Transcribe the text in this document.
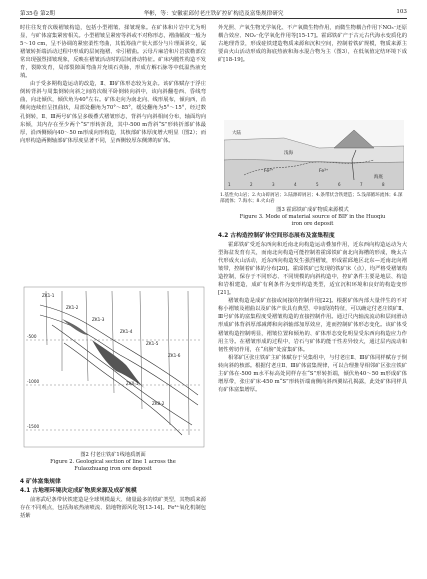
第35卷 第2期	华彬，等：安徽霍邱付老庄铁矿控矿构造及富集规律研究	103

时往往发育次级褶皱构造，包括小型褶皱、揉皱现象。在矿体和片岩中尤为明显，与矿体富集紧密相关。小型褶皱呈紧密等斜或不对称形态，褶曲幅度一般为5～10 cm，呈不协调的紧密柔性弯曲，其低筹曲产状大部分与片理面斜交，属褶皱转折端活动过程中形成的层间拖褶、牵引褶曲。云母片麻岩和片岩拔勒部位常出现强烈揉皱现象，反映在褶皱活动时的层间滑动特征。矿床内脆性构造不发育，裂隙发育，局部裂隙面弯曲并充填石英脉，形成方解石脉等中低温热液充填。

由于受多期构造运动的改造，Ⅱ、Ⅲ矿体形态较为复杂。该矿体赋存于浮庄倒转背斜与周集倒转向斜之间的次级平卧倒转向斜中，该向斜翻卷西、昏线弯曲，向北倾伏，倾伏角为40°左右。矿体走向为南北向、线形展布，倾向西，沿侧向连续但呈扭曲状，局部处翻角为70°～85°，缓处翻角为5°～15°，经过数孔倒转，Ⅱ、Ⅲ两号矿体呈多级叠式褶皱形态，背斜与向斜相间分布，轴面均向东倾，其内存在至少两个“S”形转折段，其中-500 m背斜“S”形转折部矿体最厚，沿西侧倾向40～50 m形成向形构造，其核部矿体厚度增大明显（图2）；而向形构造两侧轴部矿体厚度显著不同，呈西侧较厚东侧薄的矿体。

-500
-1000
-1500
ZK1-1
ZK1-2
ZK1-3
ZK1-4
ZK1-5
ZK1-6
ZK0-1
ZK0-2
图2 付老庄铁矿1线地质剖面
Figure 2. Geological section of line 1 across the
Fulaozhuang iron ore deposit
4 矿体富集规律
4.1 古地理环境决定成矿物质来源及成矿规模

前寒武纪条带状铁建造是全球规模最大、储量最多的铁矿类型，其物质来源存在不同观点，包括海底热液喷流、陆地物源风化等[13-14]。Fe³⁺氧化机制包括紫

外光照、产氧生物光学氧化、不产氧微生物作用，而微生物耦合作用下NO₃⁻还原耦合效应、NO₂⁻化学氧化作用等[15-17]。霍邱铁矿产于古元古代海水变质化的古地理背景，形成硅铁建造物质来源和沉积空间，控制着铁矿规模，物质来源主要由火山活动形成的海底热液和海水混合物为主（图3），在低氧值定结环境下成矿[18-19]。

大陆
浅海
海底
Fe²⁺	Fe³⁺
1	2	3	4	5	6	7	8
1.基性火山岩；2.火山碎屑岩；3.陆源碎屑岩；4.条带状含铁建造；5.浅部循环流体；6.深部流体；7.海水；8.火山岩
图3 霍邱铁矿成矿物质来源模式
Figure 3. Mode of material source of BIF in the Huoqiu
iron ore deposit
4.2 古构造控制矿体空间形态展布及富集程度

霍邱铁矿受近东西向和近南北向构造运动叠加作用，近东西向构造运动为大型海盆发育有关，而南北向构造可能控制着霍邱铁矿南北向海槽的形成，晚太古代形成火山活动，近东西向构造发生强烈褶皱，形成霍邱地区北东—近南北向褶皱带，控制着矿体的分布[20]。霍邱铁矿已发现的铁矿床（点），均严格受褶皱构造控制，保存于不同形态、不同规模的向斜构造中，控矿条件主要是地层、构造和岩相建造，成矿有利条件为变形构造类型，适宜沉积环境和良好的构造变形[21]。

褶皱构造是成矿直接或间接的控制作用[22]。根据矿体内部大量伴生的不对称小褶皱及褶曲以及矿体产状具有典型、中间段的特征，可以确定付老庄铁矿Ⅱ、Ⅲ号矿体的富集程度受褶皱构造的直接控制作用。通过尺内轴流流动和层间滑动形成矿体背斜厚部减薄和向斜轴部加厚效应，进而控制矿体形态变化。该矿体受褶皱构造控制明显，褶皱位置和倾角的、矿体形态变化明显受东西向构造应力作用主导。在褶皱形成的过程中，岩石与矿体的能干性差异较大，通过层内流动和韧性剪切作用，在“肩膀”处富集矿体。

相邻矿区张庄铁矿主矿体赋存于吴集组中，与付老庄Ⅱ、Ⅲ矿体同样赋存于倒转向斜的核部。根据付老庄Ⅱ、Ⅲ矿体富集规律，可以合理推导相邻矿区张庄铁矿主矿体在-500 m水平标高处同样存在“S”形转折端，倾伏角40～50 m形成矿体增厚带，张庄矿床-450 m“S”形转折端南侧向斜西翼钻孔揭露，此处矿体同样具有矿体富集增厚。
